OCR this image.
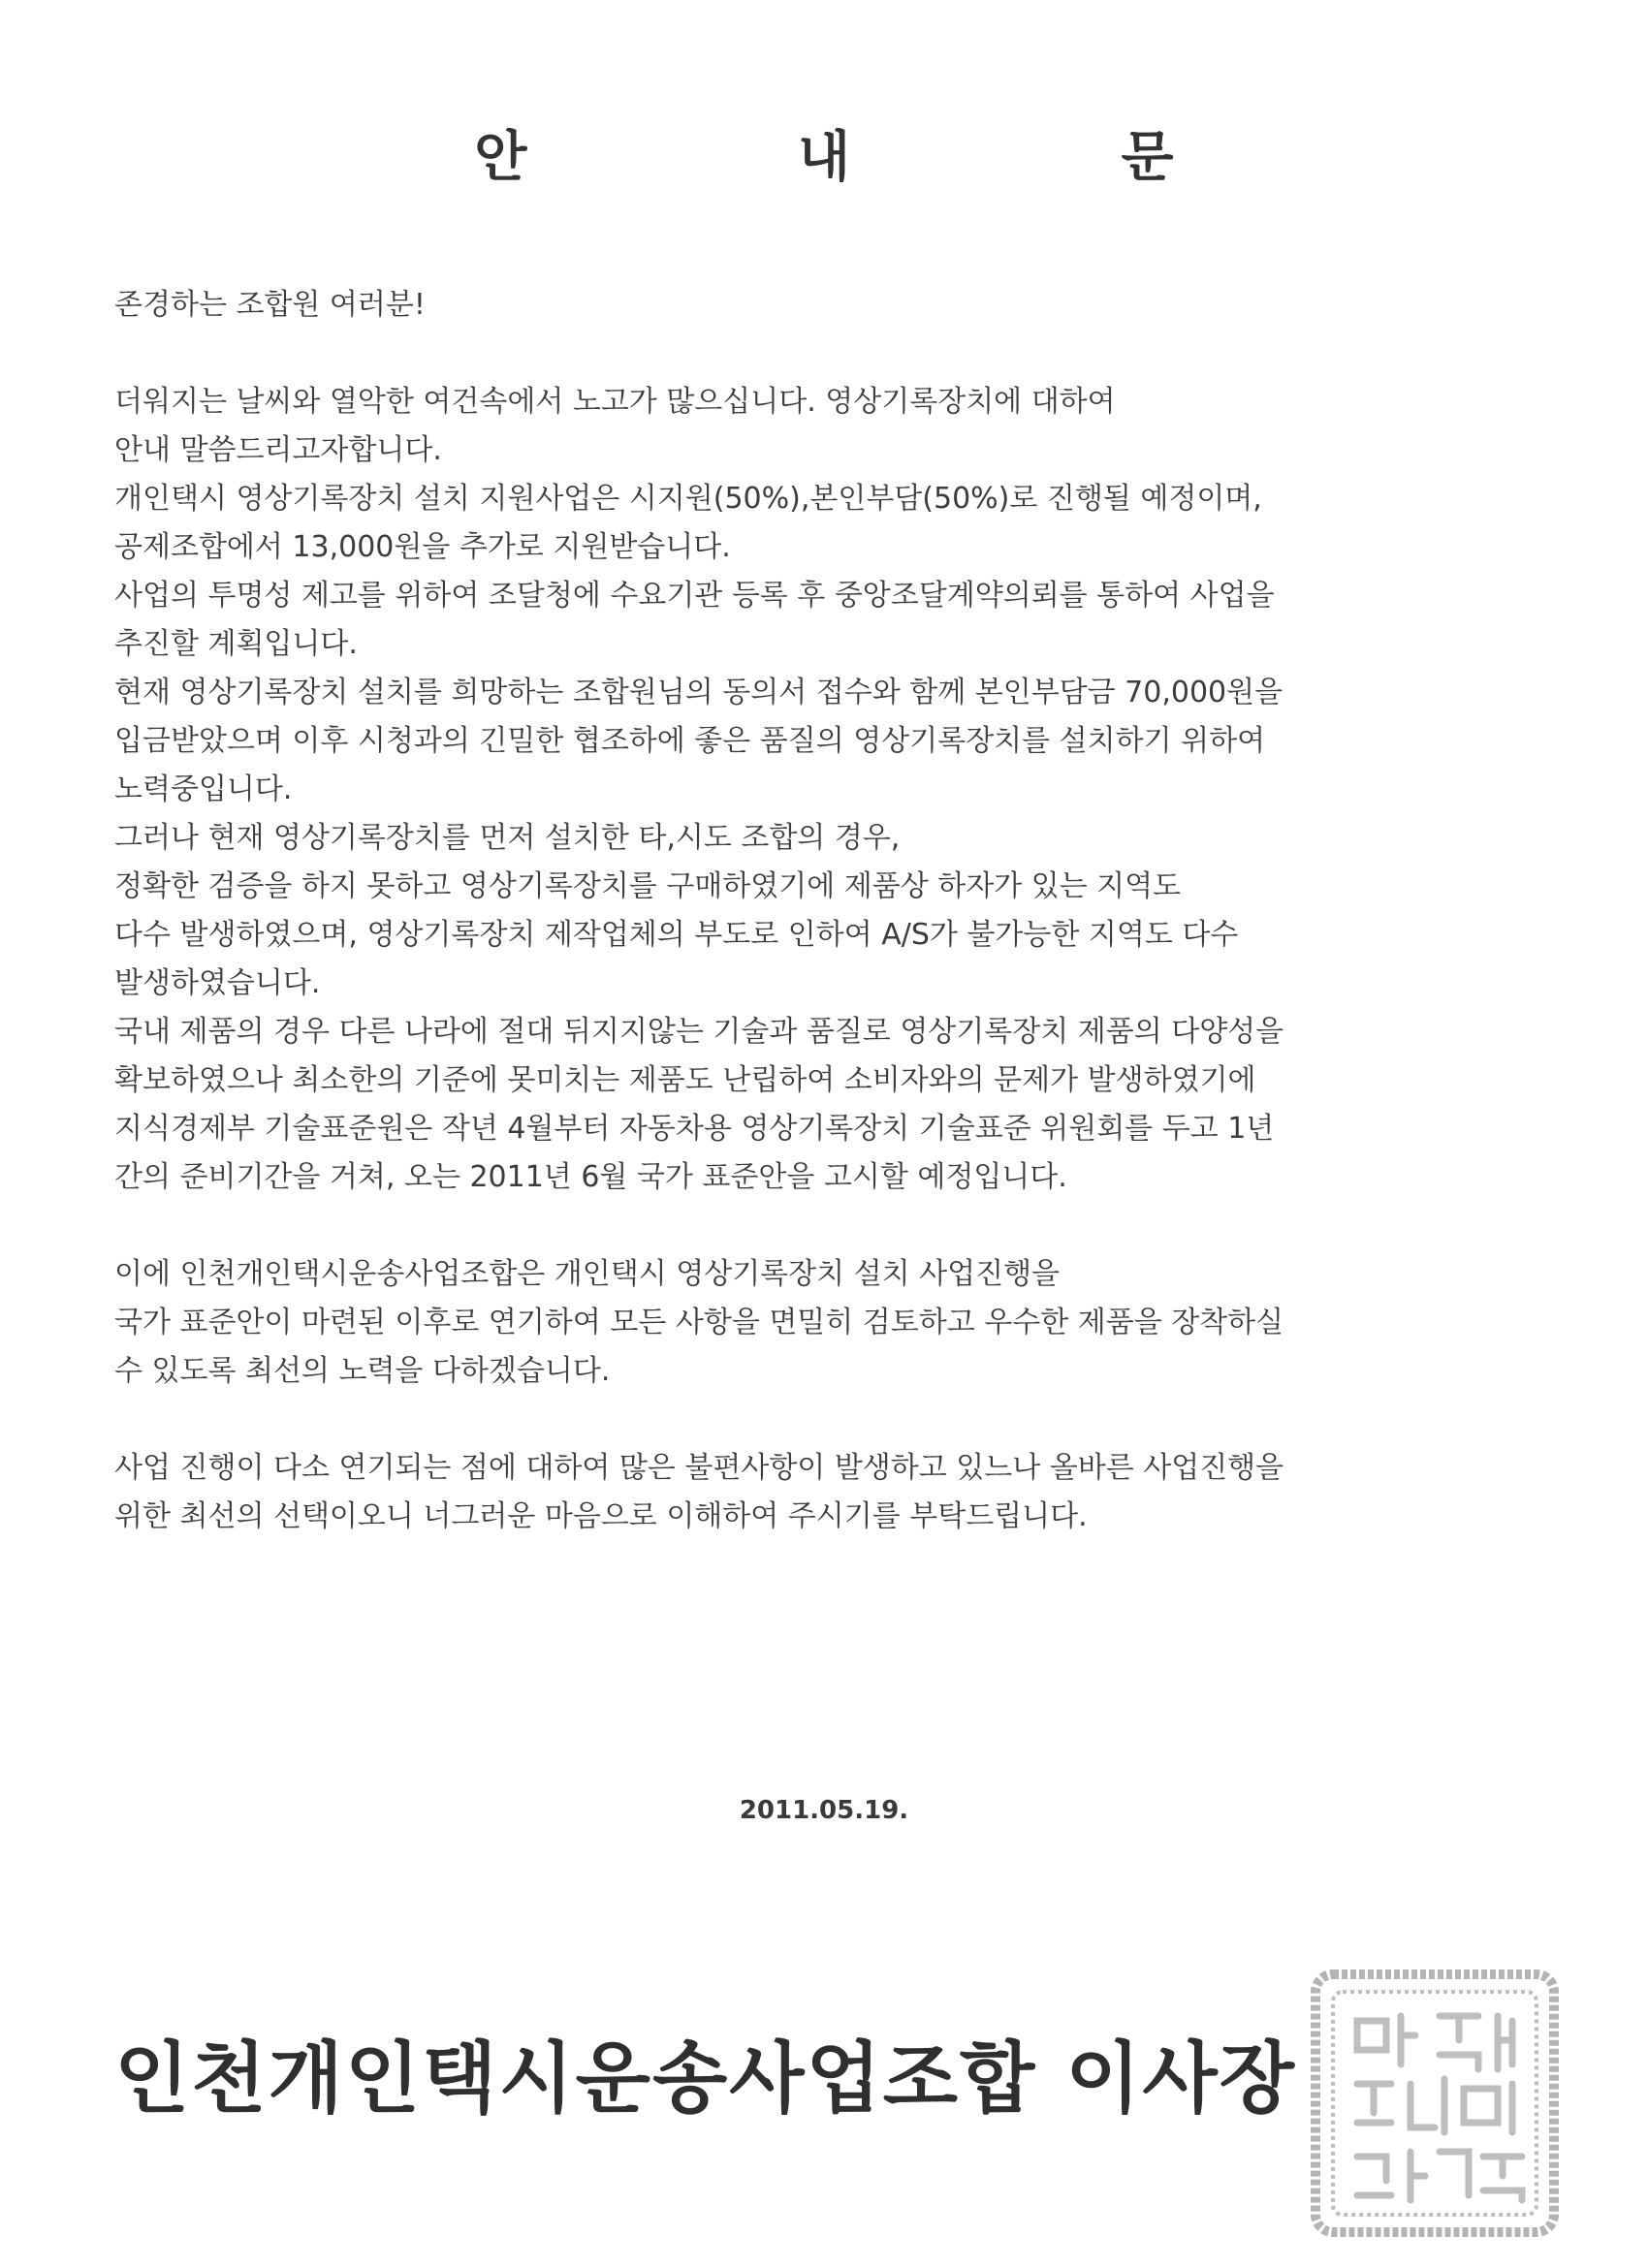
안 내 문
존경하는 조합원 여러분!
더워지는 날씨와 열악한 여건속에서 노고가 많으십니다. 영상기록장치에 대하여
안내 말씀드리고자합니다.
개인택시 영상기록장치 설치 지원사업은 시지원(50%),본인부담(50%)로 진행될 예정이며,
공제조합에서 13,000원을 추가로 지원받습니다.
사업의 투명성 제고를 위하여 조달청에 수요기관 등록 후 중앙조달계약의뢰를 통하여 사업을
추진할 계획입니다.
현재 영상기록장치 설치를 희망하는 조합원님의 동의서 접수와 함께 본인부담금 70,000원을
입금받았으며 이후 시청과의 긴밀한 협조하에 좋은 품질의 영상기록장치를 설치하기 위하여
노력중입니다.
그러나 현재 영상기록장치를 먼저 설치한 타,시도 조합의 경우,
정확한 검증을 하지 못하고 영상기록장치를 구매하였기에 제품상 하자가 있는 지역도
다수 발생하였으며, 영상기록장치 제작업체의 부도로 인하여 A/S가 불가능한 지역도 다수
발생하였습니다.
국내 제품의 경우 다른 나라에 절대 뒤지지않는 기술과 품질로 영상기록장치 제품의 다양성을
확보하였으나 최소한의 기준에 못미치는 제품도 난립하여 소비자와의 문제가 발생하였기에
지식경제부 기술표준원은 작년 4월부터 자동차용 영상기록장치 기술표준 위원회를 두고 1년
간의 준비기간을 거쳐, 오는 2011년 6월 국가 표준안을 고시할 예정입니다.
이에 인천개인택시운송사업조합은 개인택시 영상기록장치 설치 사업진행을
국가 표준안이 마련된 이후로 연기하여 모든 사항을 면밀히 검토하고 우수한 제품을 장착하실
수 있도록 최선의 노력을 다하겠습니다.
사업 진행이 다소 연기되는 점에 대하여 많은 불편사항이 발생하고 있느나 올바른 사업진행을
위한 최선의 선택이오니 너그러운 마음으로 이해하여 주시기를 부탁드립니다.
2011.05.19.
인천개인택시운송사업조합 이사장
